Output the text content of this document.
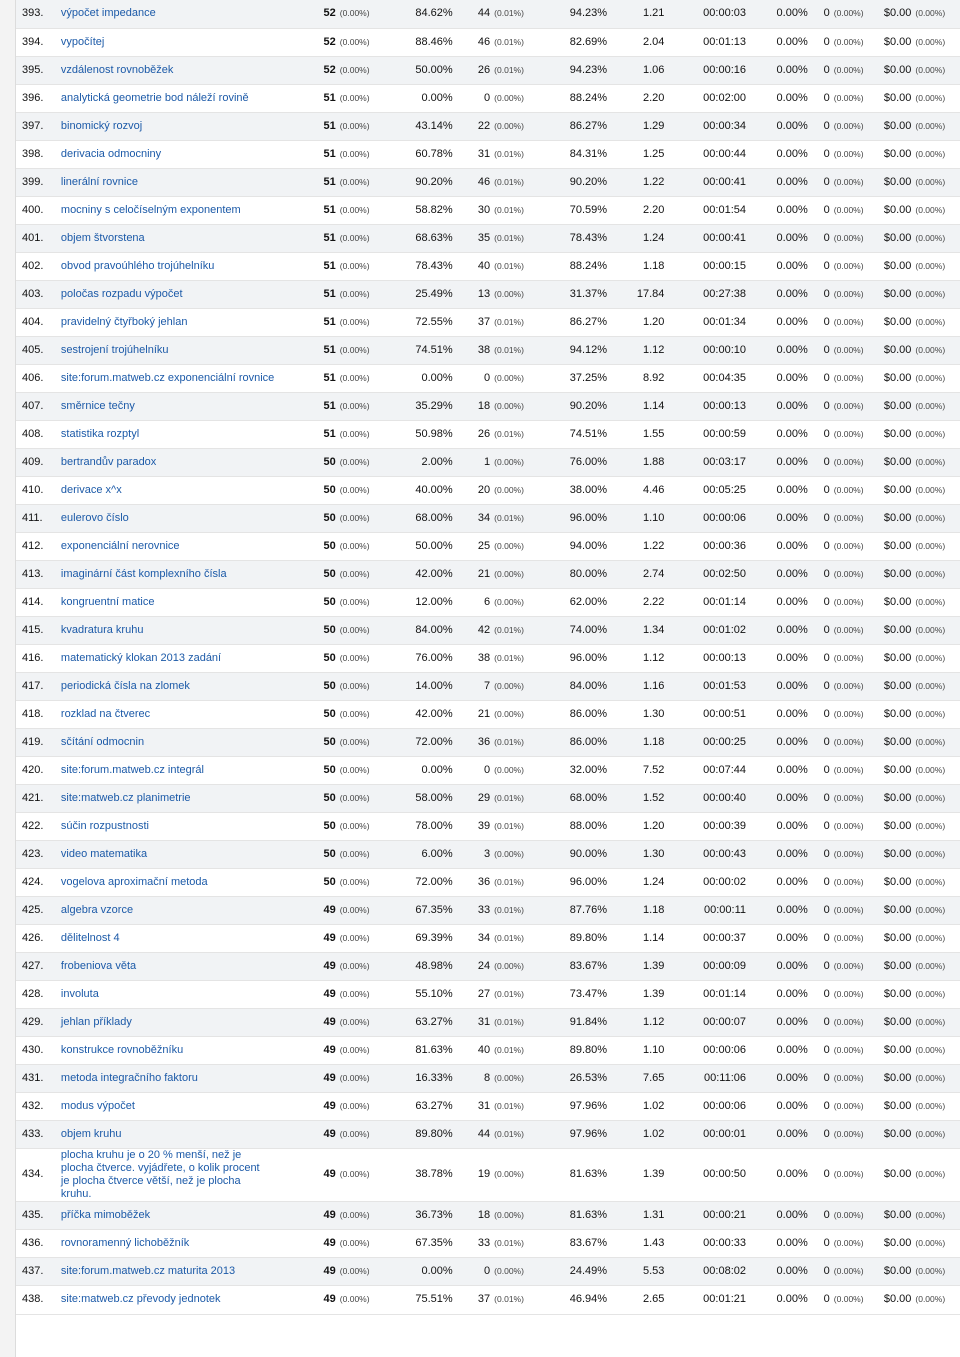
393.	výpočet impedance	52	(0.00%)	84.62%	44	(0.01%)	94.23%	1.21	00:00:03	0.00%	0	(0.00%)	$0.00	(0.00%)
394.	vypočítej	52	(0.00%)	88.46%	46	(0.01%)	82.69%	2.04	00:01:13	0.00%	0	(0.00%)	$0.00	(0.00%)
395.	vzdálenost rovnoběžek	52	(0.00%)	50.00%	26	(0.01%)	94.23%	1.06	00:00:16	0.00%	0	(0.00%)	$0.00	(0.00%)
396.	analytická geometrie bod náleží rovině	51	(0.00%)	0.00%	0	(0.00%)	88.24%	2.20	00:02:00	0.00%	0	(0.00%)	$0.00	(0.00%)
397.	binomický rozvoj	51	(0.00%)	43.14%	22	(0.00%)	86.27%	1.29	00:00:34	0.00%	0	(0.00%)	$0.00	(0.00%)
398.	derivacia odmocniny	51	(0.00%)	60.78%	31	(0.01%)	84.31%	1.25	00:00:44	0.00%	0	(0.00%)	$0.00	(0.00%)
399.	linerální rovnice	51	(0.00%)	90.20%	46	(0.01%)	90.20%	1.22	00:00:41	0.00%	0	(0.00%)	$0.00	(0.00%)
400.	mocniny s celočíselným exponentem	51	(0.00%)	58.82%	30	(0.01%)	70.59%	2.20	00:01:54	0.00%	0	(0.00%)	$0.00	(0.00%)
401.	objem štvorstena	51	(0.00%)	68.63%	35	(0.01%)	78.43%	1.24	00:00:41	0.00%	0	(0.00%)	$0.00	(0.00%)
402.	obvod pravoúhlého trojúhelníku	51	(0.00%)	78.43%	40	(0.01%)	88.24%	1.18	00:00:15	0.00%	0	(0.00%)	$0.00	(0.00%)
403.	poločas rozpadu výpočet	51	(0.00%)	25.49%	13	(0.00%)	31.37%	17.84	00:27:38	0.00%	0	(0.00%)	$0.00	(0.00%)
404.	pravidelný čtyřboký jehlan	51	(0.00%)	72.55%	37	(0.01%)	86.27%	1.20	00:01:34	0.00%	0	(0.00%)	$0.00	(0.00%)
405.	sestrojení trojúhelníku	51	(0.00%)	74.51%	38	(0.01%)	94.12%	1.12	00:00:10	0.00%	0	(0.00%)	$0.00	(0.00%)
406.	site:forum.matweb.cz exponenciální rovnice	51	(0.00%)	0.00%	0	(0.00%)	37.25%	8.92	00:04:35	0.00%	0	(0.00%)	$0.00	(0.00%)
407.	směrnice tečny	51	(0.00%)	35.29%	18	(0.00%)	90.20%	1.14	00:00:13	0.00%	0	(0.00%)	$0.00	(0.00%)
408.	statistika rozptyl	51	(0.00%)	50.98%	26	(0.01%)	74.51%	1.55	00:00:59	0.00%	0	(0.00%)	$0.00	(0.00%)
409.	bertrandův paradox	50	(0.00%)	2.00%	1	(0.00%)	76.00%	1.88	00:03:17	0.00%	0	(0.00%)	$0.00	(0.00%)
410.	derivace x^x	50	(0.00%)	40.00%	20	(0.00%)	38.00%	4.46	00:05:25	0.00%	0	(0.00%)	$0.00	(0.00%)
411.	eulerovo číslo	50	(0.00%)	68.00%	34	(0.01%)	96.00%	1.10	00:00:06	0.00%	0	(0.00%)	$0.00	(0.00%)
412.	exponenciální nerovnice	50	(0.00%)	50.00%	25	(0.00%)	94.00%	1.22	00:00:36	0.00%	0	(0.00%)	$0.00	(0.00%)
413.	imaginární část komplexního čísla	50	(0.00%)	42.00%	21	(0.00%)	80.00%	2.74	00:02:50	0.00%	0	(0.00%)	$0.00	(0.00%)
414.	kongruentní matice	50	(0.00%)	12.00%	6	(0.00%)	62.00%	2.22	00:01:14	0.00%	0	(0.00%)	$0.00	(0.00%)
415.	kvadratura kruhu	50	(0.00%)	84.00%	42	(0.01%)	74.00%	1.34	00:01:02	0.00%	0	(0.00%)	$0.00	(0.00%)
416.	matematický klokan 2013 zadání	50	(0.00%)	76.00%	38	(0.01%)	96.00%	1.12	00:00:13	0.00%	0	(0.00%)	$0.00	(0.00%)
417.	periodická čísla na zlomek	50	(0.00%)	14.00%	7	(0.00%)	84.00%	1.16	00:01:53	0.00%	0	(0.00%)	$0.00	(0.00%)
418.	rozklad na čtverec	50	(0.00%)	42.00%	21	(0.00%)	86.00%	1.30	00:00:51	0.00%	0	(0.00%)	$0.00	(0.00%)
419.	sčítání odmocnin	50	(0.00%)	72.00%	36	(0.01%)	86.00%	1.18	00:00:25	0.00%	0	(0.00%)	$0.00	(0.00%)
420.	site:forum.matweb.cz integrál	50	(0.00%)	0.00%	0	(0.00%)	32.00%	7.52	00:07:44	0.00%	0	(0.00%)	$0.00	(0.00%)
421.	site:matweb.cz planimetrie	50	(0.00%)	58.00%	29	(0.01%)	68.00%	1.52	00:00:40	0.00%	0	(0.00%)	$0.00	(0.00%)
422.	súčin rozpustnosti	50	(0.00%)	78.00%	39	(0.01%)	88.00%	1.20	00:00:39	0.00%	0	(0.00%)	$0.00	(0.00%)
423.	video matematika	50	(0.00%)	6.00%	3	(0.00%)	90.00%	1.30	00:00:43	0.00%	0	(0.00%)	$0.00	(0.00%)
424.	vogelova aproximační metoda	50	(0.00%)	72.00%	36	(0.01%)	96.00%	1.24	00:00:02	0.00%	0	(0.00%)	$0.00	(0.00%)
425.	algebra vzorce	49	(0.00%)	67.35%	33	(0.01%)	87.76%	1.18	00:00:11	0.00%	0	(0.00%)	$0.00	(0.00%)
426.	dělitelnost 4	49	(0.00%)	69.39%	34	(0.01%)	89.80%	1.14	00:00:37	0.00%	0	(0.00%)	$0.00	(0.00%)
427.	frobeniova věta	49	(0.00%)	48.98%	24	(0.00%)	83.67%	1.39	00:00:09	0.00%	0	(0.00%)	$0.00	(0.00%)
428.	involuta	49	(0.00%)	55.10%	27	(0.01%)	73.47%	1.39	00:01:14	0.00%	0	(0.00%)	$0.00	(0.00%)
429.	jehlan příklady	49	(0.00%)	63.27%	31	(0.01%)	91.84%	1.12	00:00:07	0.00%	0	(0.00%)	$0.00	(0.00%)
430.	konstrukce rovnoběžníku	49	(0.00%)	81.63%	40	(0.01%)	89.80%	1.10	00:00:06	0.00%	0	(0.00%)	$0.00	(0.00%)
431.	metoda integračního faktoru	49	(0.00%)	16.33%	8	(0.00%)	26.53%	7.65	00:11:06	0.00%	0	(0.00%)	$0.00	(0.00%)
432.	modus výpočet	49	(0.00%)	63.27%	31	(0.01%)	97.96%	1.02	00:00:06	0.00%	0	(0.00%)	$0.00	(0.00%)
433.	objem kruhu	49	(0.00%)	89.80%	44	(0.01%)	97.96%	1.02	00:00:01	0.00%	0	(0.00%)	$0.00	(0.00%)
434.	plocha kruhu je o 20 % menší, než je plocha čtverce. vyjádřete, o kolik procent je plocha čtverce větší, než je plocha kruhu.	49	(0.00%)	38.78%	19	(0.00%)	81.63%	1.39	00:00:50	0.00%	0	(0.00%)	$0.00	(0.00%)
435.	příčka mimoběžek	49	(0.00%)	36.73%	18	(0.00%)	81.63%	1.31	00:00:21	0.00%	0	(0.00%)	$0.00	(0.00%)
436.	rovnoramenný lichoběžník	49	(0.00%)	67.35%	33	(0.01%)	83.67%	1.43	00:00:33	0.00%	0	(0.00%)	$0.00	(0.00%)
437.	site:forum.matweb.cz maturita 2013	49	(0.00%)	0.00%	0	(0.00%)	24.49%	5.53	00:08:02	0.00%	0	(0.00%)	$0.00	(0.00%)
438.	site:matweb.cz převody jednotek	49	(0.00%)	75.51%	37	(0.01%)	46.94%	2.65	00:01:21	0.00%	0	(0.00%)	$0.00	(0.00%)
